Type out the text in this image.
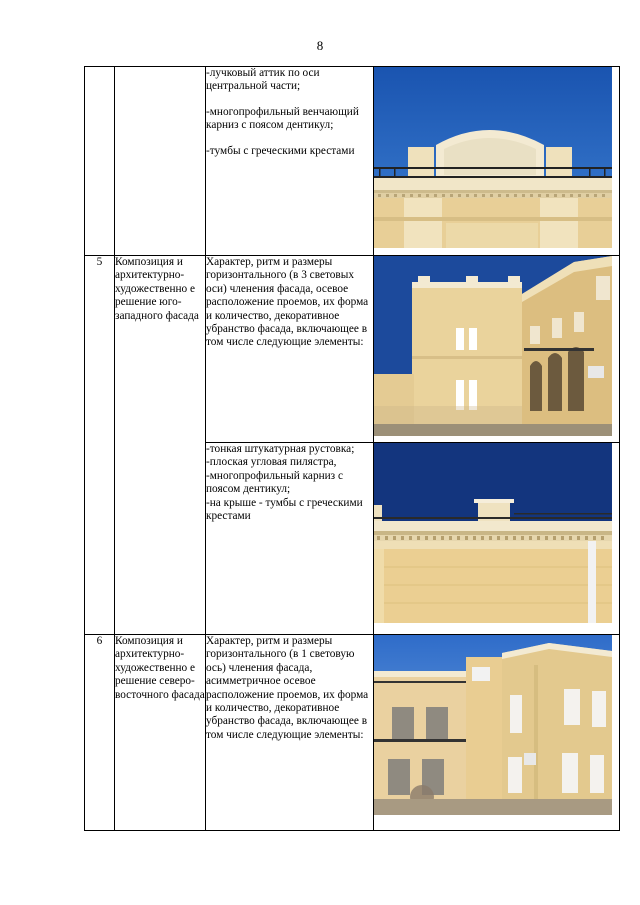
8

		-лучковый аттик по оси центральной части;

-многопрофильный венчающий карниз с поясом дентикул;

-тумбы с греческими крестами

5	Композиция и архитектурно-художественно е решение юго-западного фасада	Характер, ритм и размеры горизонтального (в 3 световых оси) членения фасада, осевое расположение проемов, их форма и количество, декоративное убранство фасада, включающее в том числе следующие элементы:

		-тонкая штукатурная рустовка;
-плоская угловая пилястра,
-многопрофильный карниз с поясом дентикул;
-на крыше - тумбы с греческими крестами

6	Композиция и архитектурно-художественно е решение северо-восточного фасада	Характер, ритм и размеры горизонтального (в 1 световую ось) членения фасада, асимметричное осевое расположение проемов, их форма и количество, декоративное убранство фасада, включающее в том числе следующие элементы:
